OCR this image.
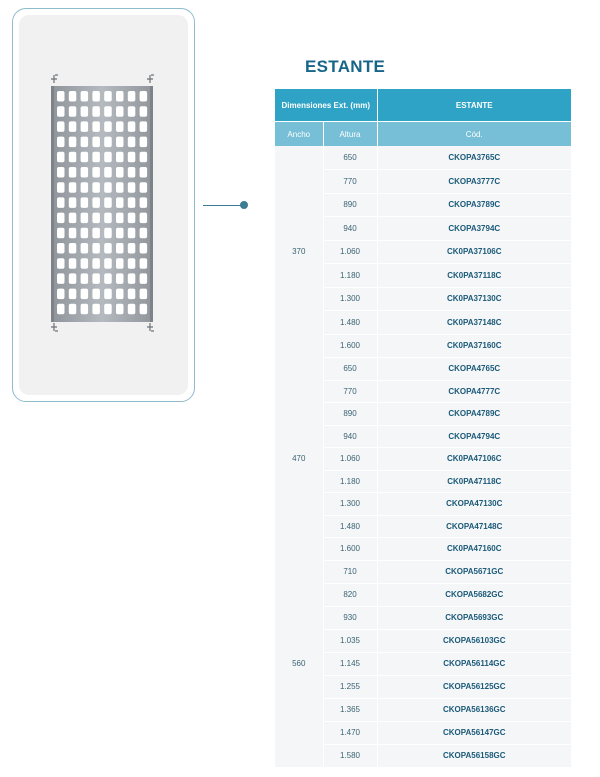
ESTANTE
Dimensiones Ext. (mm)		ESTANTE
Ancho	Altura	Cód.
370	650	CKOPA3765C
	770	CKOPA3777C
	890	CKOPA3789C
	940	CKOPA3794C
	1.060	CK0PA37106C
	1.180	CK0PA37118C
	1.300	CK0PA37130C
	1.480	CK0PA37148C
	1.600	CK0PA37160C
470	650	CKOPA4765C
	770	CKOPA4777C
	890	CKOPA4789C
	940	CKOPA4794C
	1.060	CK0PA47106C
	1.180	CK0PA47118C
	1.300	CKOPA47130C
	1.480	CKOPA47148C
	1.600	CK0PA47160C
560	710	CKOPA5671GC
	820	CKOPA5682GC
	930	CKOPA5693GC
	1.035	CKOPA56103GC
	1.145	CKOPA56114GC
	1.255	CKOPA56125GC
	1.365	CKOPA56136GC
	1.470	CKOPA56147GC
	1.580	CKOPA56158GC
